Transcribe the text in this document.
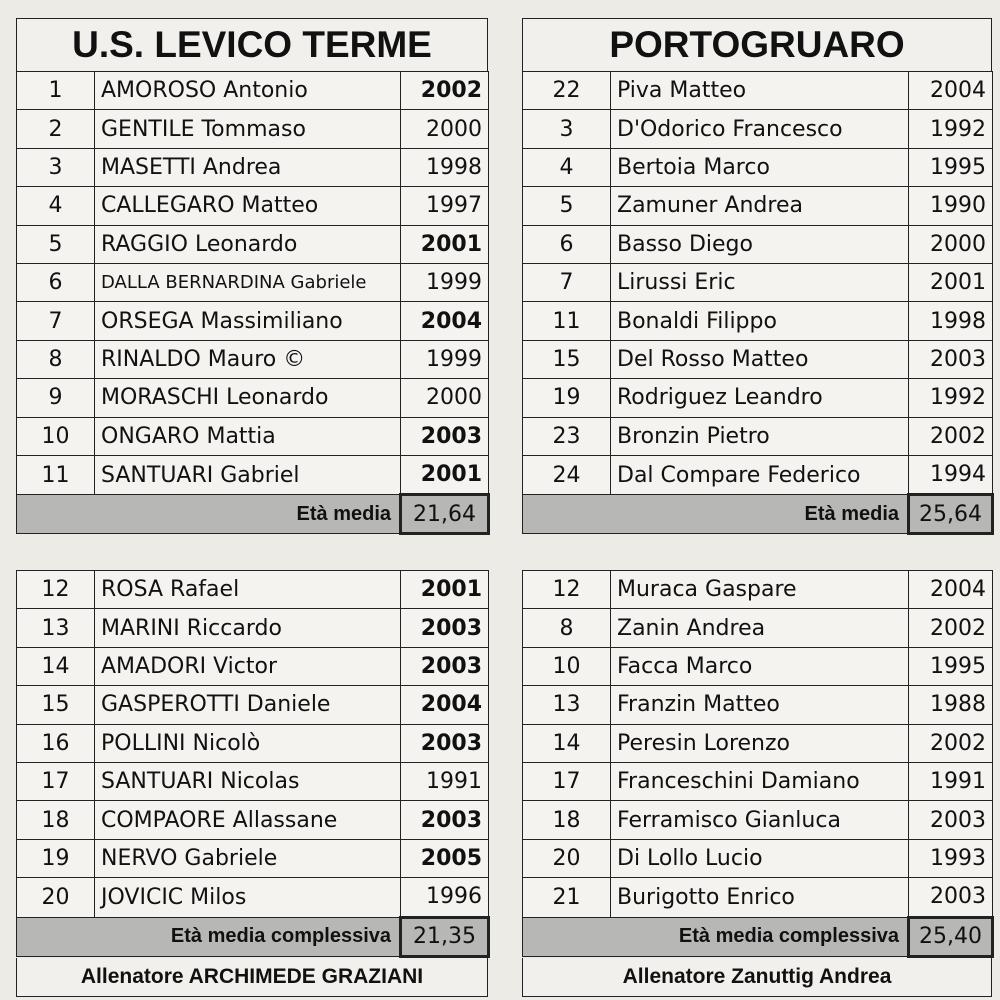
U.S. LEVICO TERME
1	AMOROSO Antonio	2002
2	GENTILE Tommaso	2000
3	MASETTI Andrea	1998
4	CALLEGARO Matteo	1997
5	RAGGIO Leonardo	2001
6	DALLA BERNARDINA Gabriele	1999
7	ORSEGA Massimiliano	2004
8	RINALDO Mauro ©	1999
9	MORASCHI Leonardo	2000
10	ONGARO Mattia	2003
11	SANTUARI Gabriel	2001
Età media		21,64
PORTOGRUARO
22	Piva Matteo	2004
3	D'Odorico Francesco	1992
4	Bertoia Marco	1995
5	Zamuner Andrea	1990
6	Basso Diego	2000
7	Lirussi Eric	2001
11	Bonaldi Filippo	1998
15	Del Rosso Matteo	2003
19	Rodriguez Leandro	1992
23	Bronzin Pietro	2002
24	Dal Compare Federico	1994
Età media		25,64
12	ROSA Rafael	2001
13	MARINI Riccardo	2003
14	AMADORI Victor	2003
15	GASPEROTTI Daniele	2004
16	POLLINI Nicolò	2003
17	SANTUARI Nicolas	1991
18	COMPAORE Allassane	2003
19	NERVO Gabriele	2005
20	JOVICIC Milos	1996
Età media complessiva		21,35
Allenatore ARCHIMEDE GRAZIANI
12	Muraca Gaspare	2004
8	Zanin Andrea	2002
10	Facca Marco	1995
13	Franzin Matteo	1988
14	Peresin Lorenzo	2002
17	Franceschini Damiano	1991
18	Ferramisco Gianluca	2003
20	Di Lollo Lucio	1993
21	Burigotto Enrico	2003
Età media complessiva		25,40
Allenatore Zanuttig Andrea
